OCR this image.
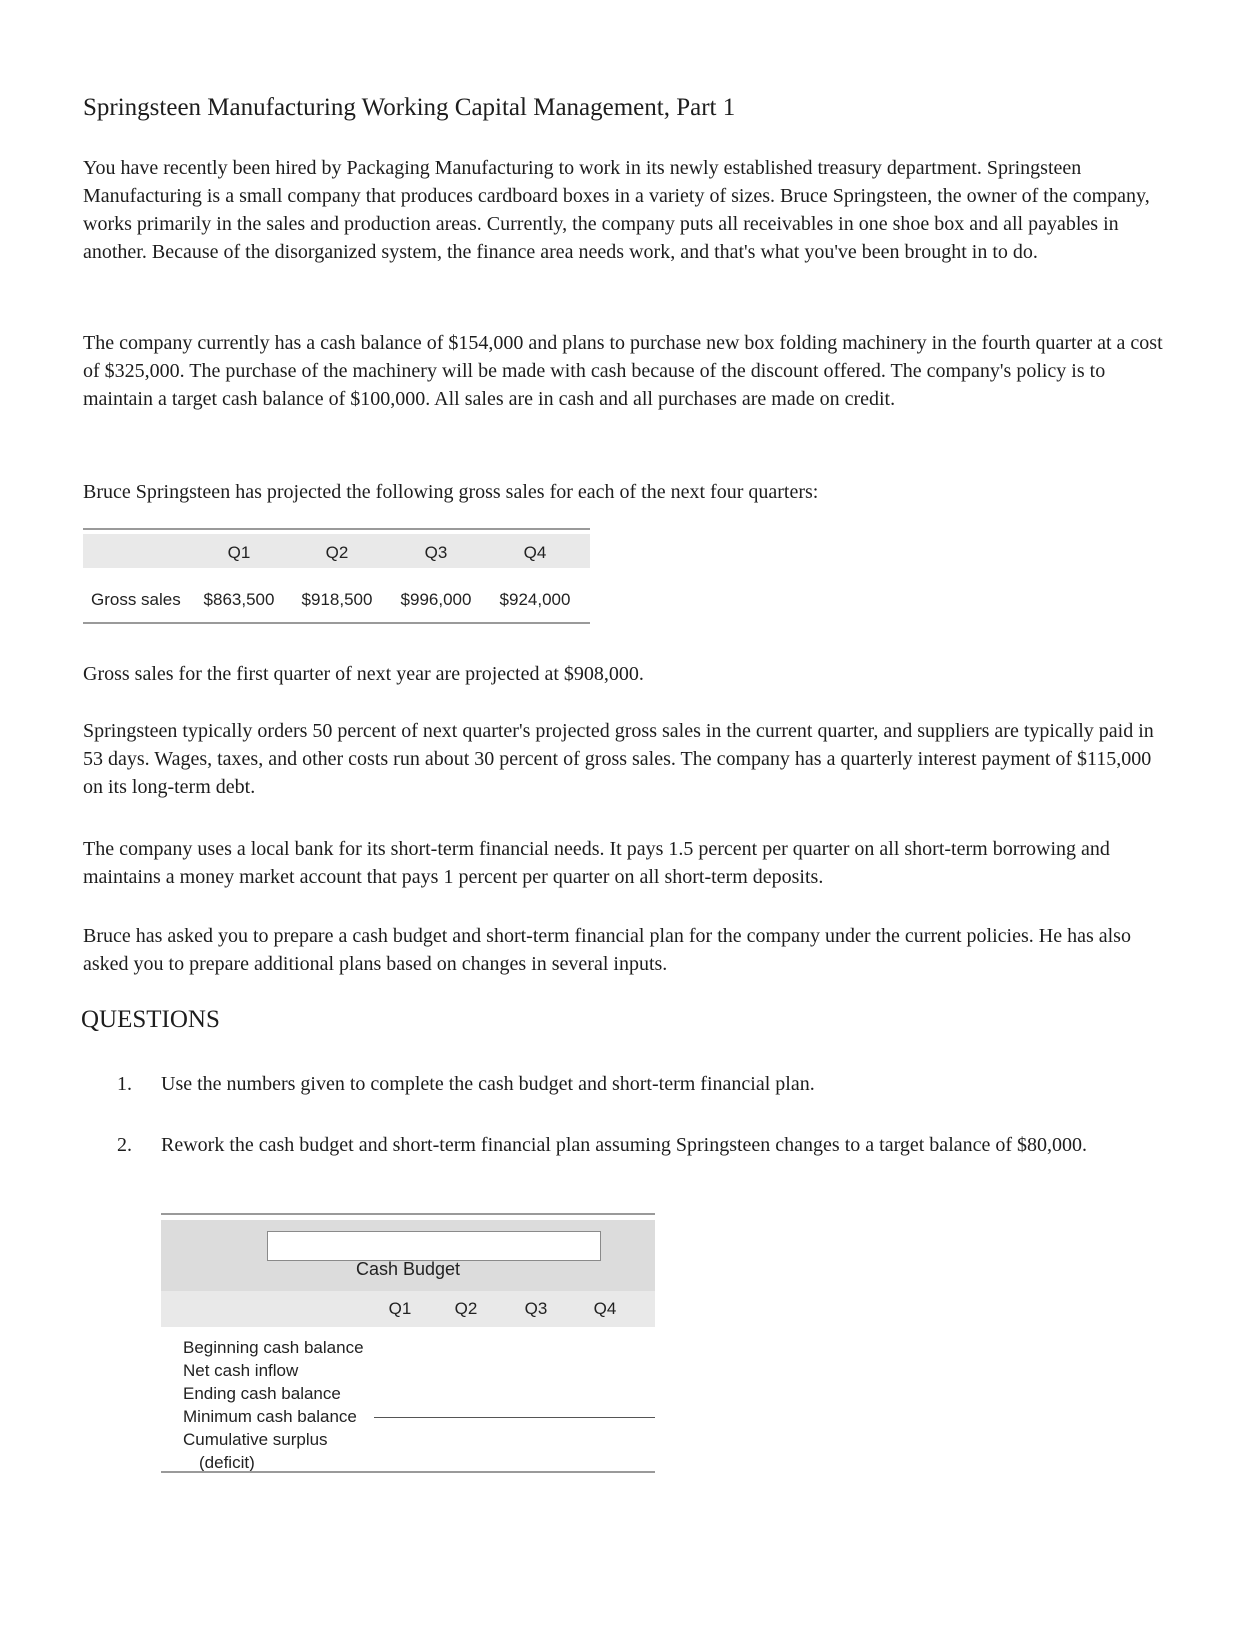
Springsteen Manufacturing Working Capital Management, Part 1

You have recently been hired by Packaging Manufacturing to work in its newly established treasury department. Springsteen Manufacturing is a small company that produces cardboard boxes in a variety of sizes. Bruce Springsteen, the owner of the company, works primarily in the sales and production areas. Currently, the company puts all receivables in one shoe box and all payables in another. Because of the disorganized system, the finance area needs work, and that's what you've been brought in to do.

The company currently has a cash balance of $154,000 and plans to purchase new box folding machinery in the fourth quarter at a cost of $325,000. The purchase of the machinery will be made with cash because of the discount offered. The company's policy is to maintain a target cash balance of $100,000. All sales are in cash and all purchases are made on credit.

Bruce Springsteen has projected the following gross sales for each of the next four quarters:

Q1	Q2	Q3	Q4
Gross sales	$863,500	$918,500	$996,000	$924,000

Gross sales for the first quarter of next year are projected at $908,000.

Springsteen typically orders 50 percent of next quarter's projected gross sales in the current quarter, and suppliers are typically paid in 53 days. Wages, taxes, and other costs run about 30 percent of gross sales. The company has a quarterly interest payment of $115,000 on its long-term debt.

The company uses a local bank for its short-term financial needs. It pays 1.5 percent per quarter on all short-term borrowing and maintains a money market account that pays 1 percent per quarter on all short-term deposits.

Bruce has asked you to prepare a cash budget and short-term financial plan for the company under the current policies. He has also asked you to prepare additional plans based on changes in several inputs.

QUESTIONS
1. Use the numbers given to complete the cash budget and short-term financial plan.

2. Rework the cash budget and short-term financial plan assuming Springsteen changes to a target balance of $80,000.

Cash Budget
Q1	Q2	Q3	Q4
Beginning cash balance
Net cash inflow
Ending cash balance
Minimum cash balance
Cumulative surplus
(deficit)
